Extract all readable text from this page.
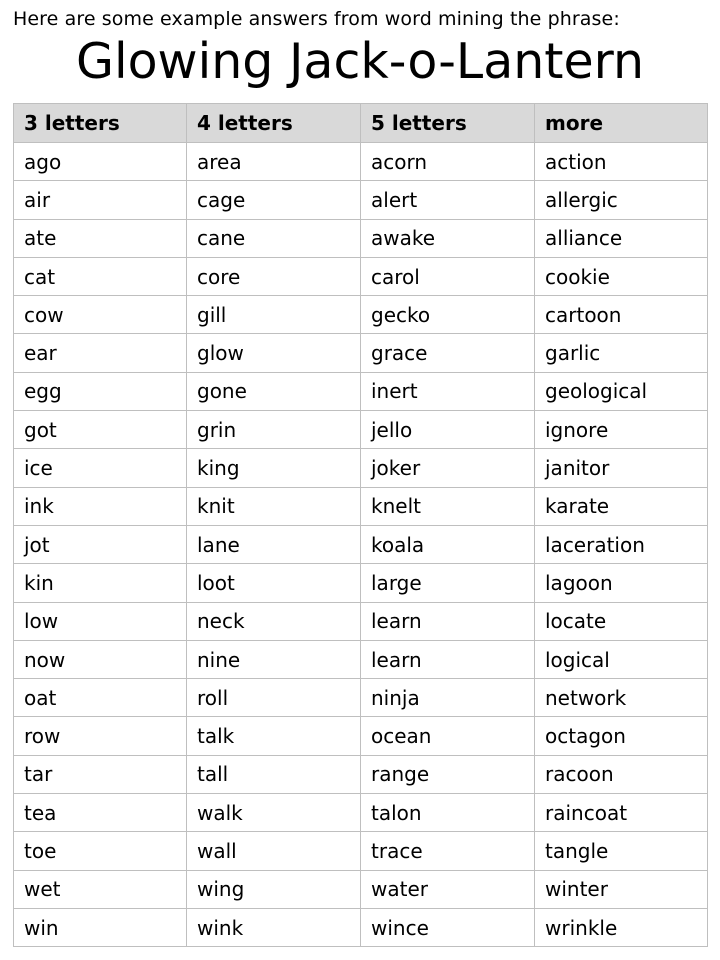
Here are some example answers from word mining the phrase:
Glowing Jack-o-Lantern
3 letters	4 letters	5 letters	more
ago	area	acorn	action
air	cage	alert	allergic
ate	cane	awake	alliance
cat	core	carol	cookie
cow	gill	gecko	cartoon
ear	glow	grace	garlic
egg	gone	inert	geological
got	grin	jello	ignore
ice	king	joker	janitor
ink	knit	knelt	karate
jot	lane	koala	laceration
kin	loot	large	lagoon
low	neck	learn	locate
now	nine	learn	logical
oat	roll	ninja	network
row	talk	ocean	octagon
tar	tall	range	racoon
tea	walk	talon	raincoat
toe	wall	trace	tangle
wet	wing	water	winter
win	wink	wince	wrinkle
